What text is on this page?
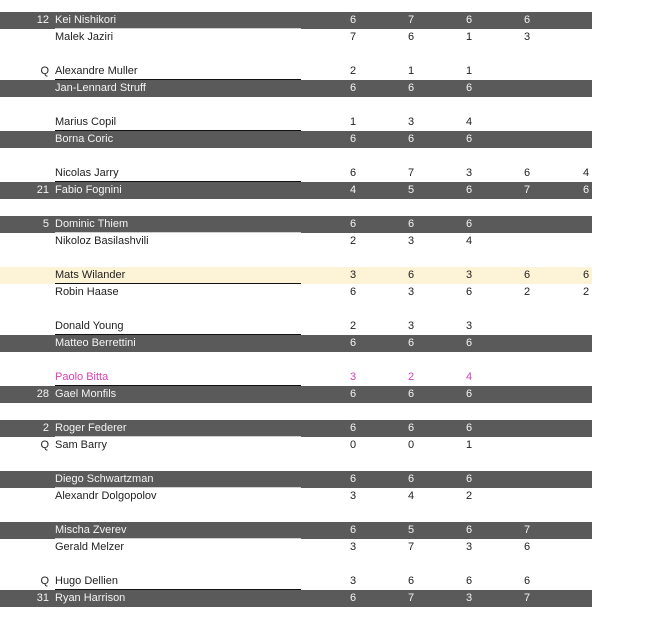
12 Kei Nishikori	6	7	6	6
Malek Jaziri	7	6	1	3
Q Alexandre Muller	2	1	1
Jan-Lennard Struff	6	6	6
Marius Copil	1	3	4
Borna Coric	6	6	6
Nicolas Jarry	6	7	3	6	4
21 Fabio Fognini	4	5	6	7	6
5 Dominic Thiem	6	6	6
Nikoloz Basilashvili	2	3	4
Mats Wilander	3	6	3	6	6
Robin Haase	6	3	6	2	2
Donald Young	2	3	3
Matteo Berrettini	6	6	6
Paolo Bitta	3	2	4
28 Gael Monfils	6	6	6
2 Roger Federer	6	6	6
Q Sam Barry	0	0	1
Diego Schwartzman	6	6	6
Alexandr Dolgopolov	3	4	2
Mischa Zverev	6	5	6	7
Gerald Melzer	3	7	3	6
Q Hugo Dellien	3	6	6	6
31 Ryan Harrison	6	7	3	7
